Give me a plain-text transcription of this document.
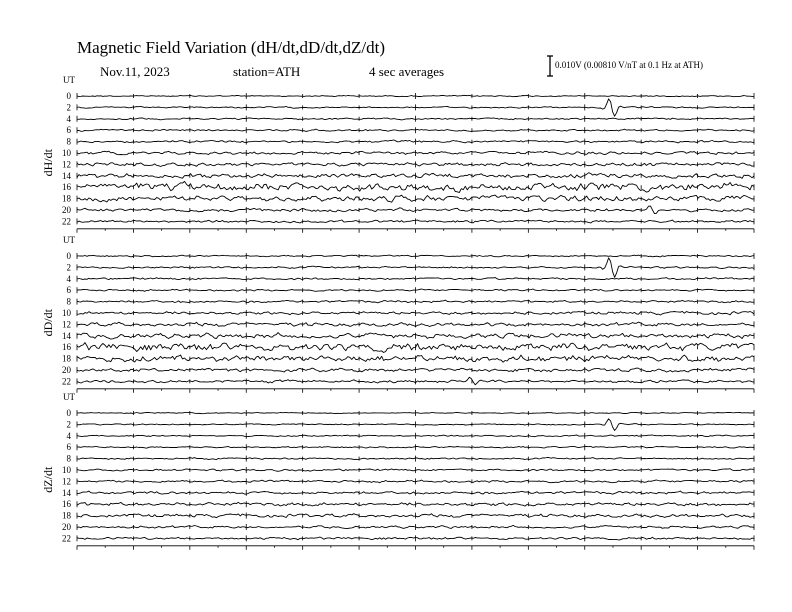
Magnetic Field Variation (dH/dt,dD/dt,dZ/dt)
Nov.11, 2023	station=ATH	4 sec averages	0.010V (0.00810 V/nT at 0.1 Hz at ATH)
UT
dH/dt
0
2
4
6
8
10
12
14
16
18
20
22
UT
dD/dt
0
2
4
6
8
10
12
14
16
18
20
22
UT
dZ/dt
0
2
4
6
8
10
12
14
16
18
20
22
